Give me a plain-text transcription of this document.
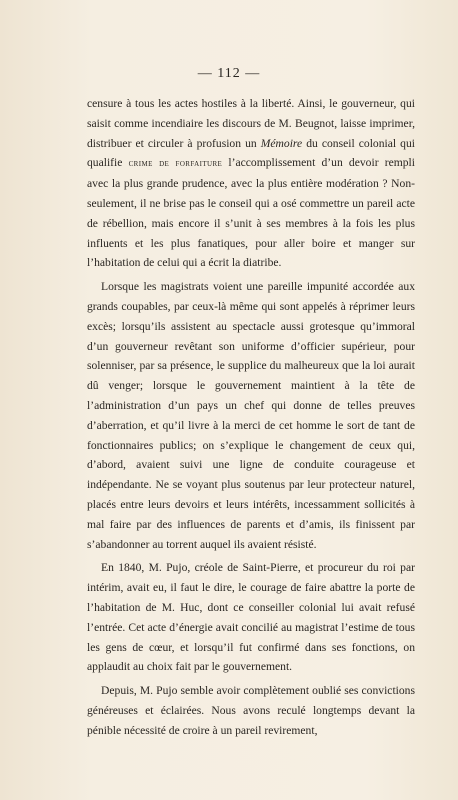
— 112 —

censure à tous les actes hostiles à la liberté. Ainsi, le gouverneur, qui saisit comme incendiaire les discours de M. Beugnot, laisse imprimer, distribuer et circuler à profusion un Mémoire du conseil colonial qui qualifie crime de forfaiture l’accomplissement d’un devoir rempli avec la plus grande prudence, avec la plus entière modération ? Non-seulement, il ne brise pas le conseil qui a osé commettre un pareil acte de rébellion, mais encore il s’unit à ses membres à la fois les plus influents et les plus fanatiques, pour aller boire et manger sur l’habitation de celui qui a écrit la diatribe.

Lorsque les magistrats voient une pareille impunité accordée aux grands coupables, par ceux-là même qui sont appelés à réprimer leurs excès; lorsqu’ils assistent au spectacle aussi grotesque qu’immoral d’un gouverneur revêtant son uniforme d’officier supérieur, pour solenniser, par sa présence, le supplice du malheureux que la loi aurait dû venger; lorsque le gouvernement maintient à la tête de l’administration d’un pays un chef qui donne de telles preuves d’aberration, et qu’il livre à la merci de cet homme le sort de tant de fonctionnaires publics; on s’explique le changement de ceux qui, d’abord, avaient suivi une ligne de conduite courageuse et indépendante. Ne se voyant plus soutenus par leur protecteur naturel, placés entre leurs devoirs et leurs intérêts, incessamment sollicités à mal faire par des influences de parents et d’amis, ils finissent par s’abandonner au torrent auquel ils avaient résisté.

En 1840, M. Pujo, créole de Saint-Pierre, et procureur du roi par intérim, avait eu, il faut le dire, le courage de faire abattre la porte de l’habitation de M. Huc, dont ce conseiller colonial lui avait refusé l’entrée. Cet acte d’énergie avait concilié au magistrat l’estime de tous les gens de cœur, et lorsqu’il fut confirmé dans ses fonctions, on applaudit au choix fait par le gouvernement.

Depuis, M. Pujo semble avoir complètement oublié ses convictions généreuses et éclairées. Nous avons reculé longtemps devant la pénible nécessité de croire à un pareil revirement,
